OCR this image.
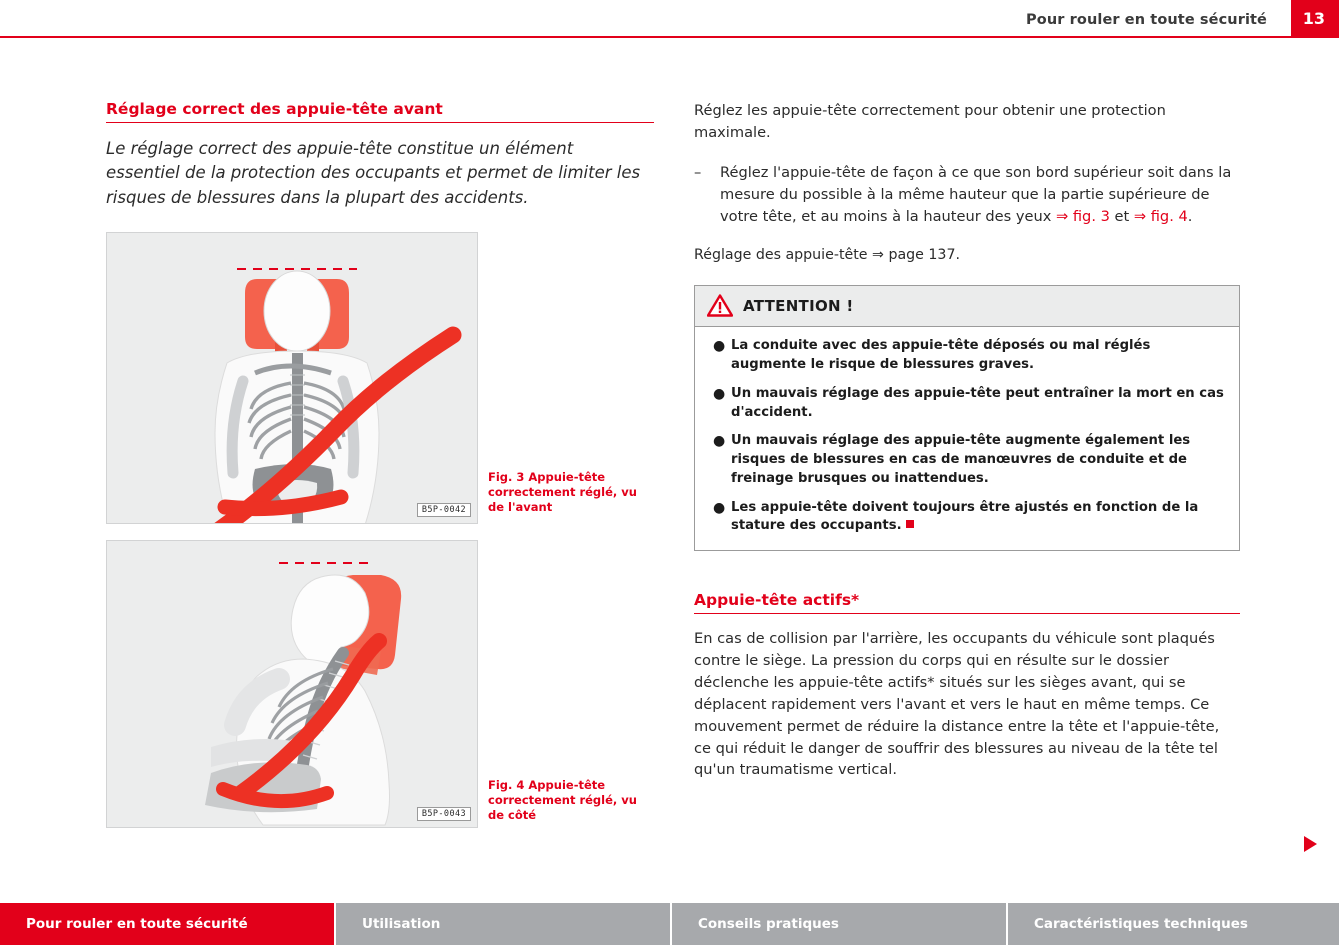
Pour rouler en toute sécurité 13
Réglage correct des appuie-tête avant
Le réglage correct des appuie-tête constitue un élément essentiel de la protection des occupants et permet de limiter les risques de blessures dans la plupart des accidents.
B5P-0042
Fig. 3 Appuie-tête correctement réglé, vu de l'avant
B5P-0043
Fig. 4 Appuie-tête correctement réglé, vu de côté

Réglez les appuie-tête correctement pour obtenir une protection maximale.

–	Réglez l'appuie-tête de façon à ce que son bord supérieur soit dans la mesure du possible à la même hauteur que la partie supérieure de votre tête, et au moins à la hauteur des yeux ⇒ fig. 3 et ⇒ fig. 4.

Réglage des appuie-tête ⇒ page 137.

ATTENTION !
● La conduite avec des appuie-tête déposés ou mal réglés augmente le risque de blessures graves.
● Un mauvais réglage des appuie-tête peut entraîner la mort en cas d'accident.
● Un mauvais réglage des appuie-tête augmente également les risques de blessures en cas de manœuvres de conduite et de freinage brusques ou inattendues.
● Les appuie-tête doivent toujours être ajustés en fonction de la stature des occupants.
Appuie-tête actifs*

En cas de collision par l'arrière, les occupants du véhicule sont plaqués contre le siège. La pression du corps qui en résulte sur le dossier déclenche les appuie-tête actifs* situés sur les sièges avant, qui se déplacent rapidement vers l'avant et vers le haut en même temps. Ce mouvement permet de réduire la distance entre la tête et l'appuie-tête, ce qui réduit le danger de souffrir des blessures au niveau de la tête tel qu'un traumatisme vertical.

Pour rouler en toute sécurité	Utilisation	Conseils pratiques	Caractéristiques techniques
